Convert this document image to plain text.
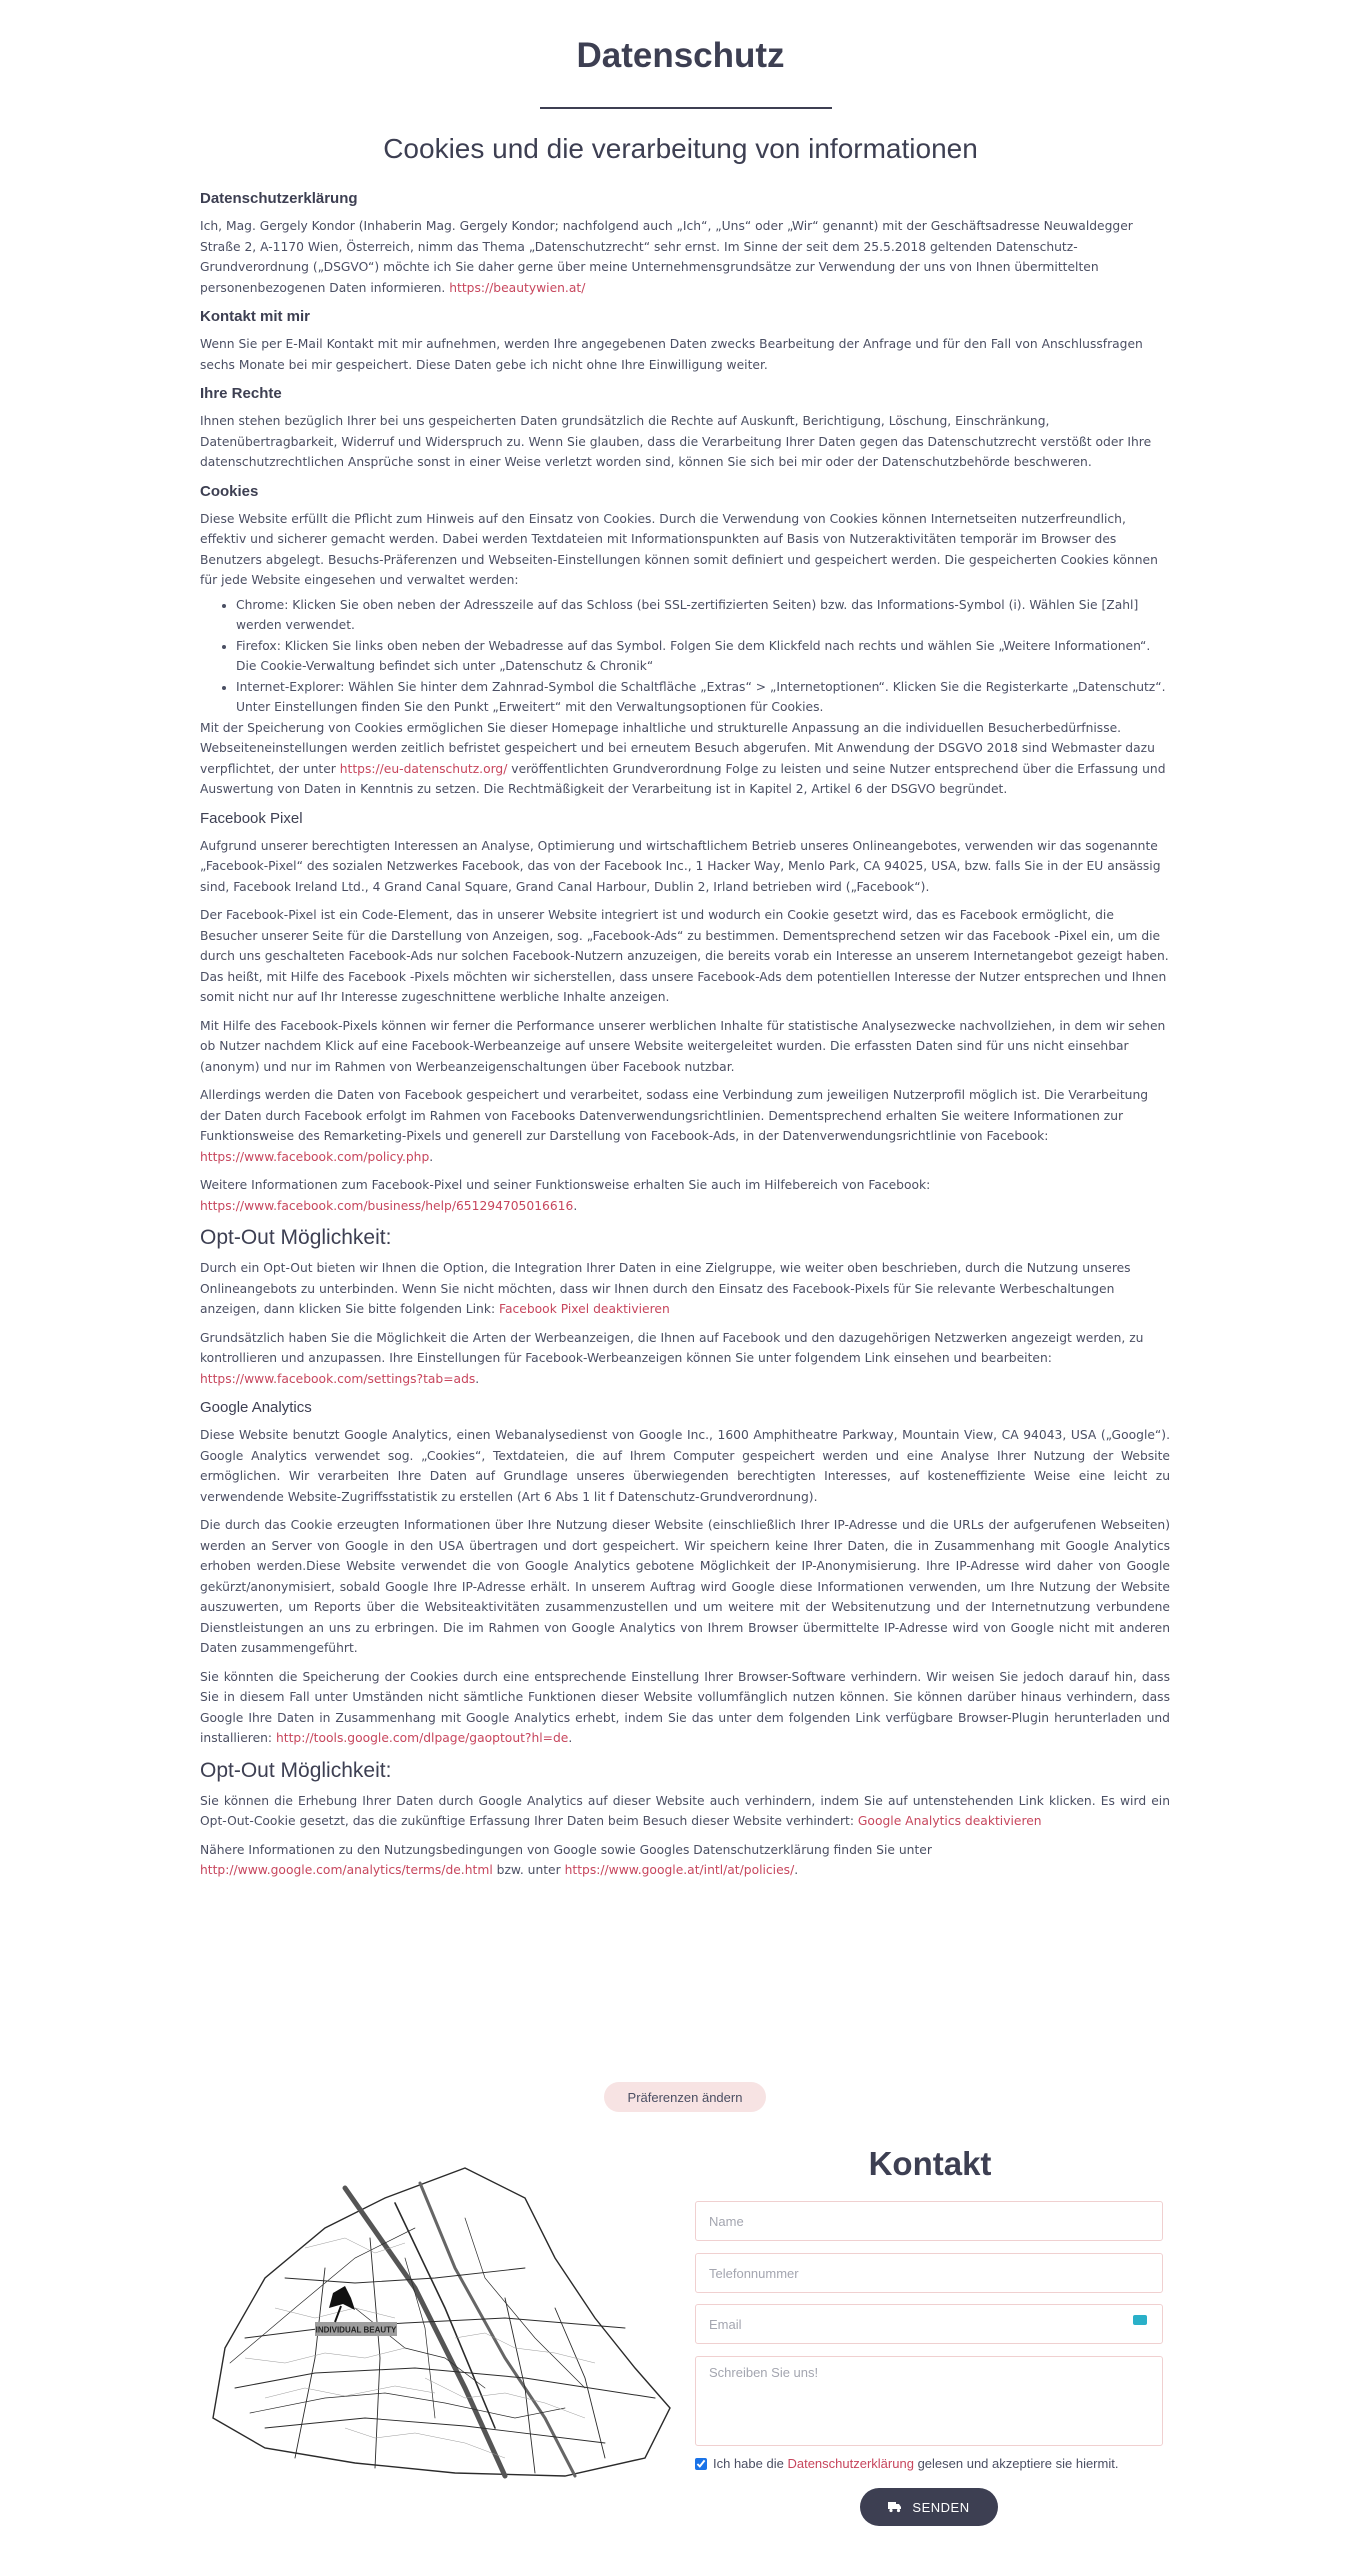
Datenschutz
Cookies und die verarbeitung von informationen
Datenschutzerklärung

Ich, Mag. Gergely Kondor (Inhaberin Mag. Gergely Kondor; nachfolgend auch „Ich“, „Uns“ oder „Wir“ genannt) mit der Geschäftsadresse Neuwaldegger Straße 2, A-1170 Wien, Österreich, nimm das Thema „Datenschutzrecht“ sehr ernst. Im Sinne der seit dem 25.5.2018 geltenden Datenschutz-Grundverordnung („DSGVO“) möchte ich Sie daher gerne über meine Unternehmensgrundsätze zur Verwendung der uns von Ihnen übermittelten personenbezogenen Daten informieren. https://beautywien.at/

Kontakt mit mir

Wenn Sie per E-Mail Kontakt mit mir aufnehmen, werden Ihre angegebenen Daten zwecks Bearbeitung der Anfrage und für den Fall von Anschlussfragen sechs Monate bei mir gespeichert. Diese Daten gebe ich nicht ohne Ihre Einwilligung weiter.

Ihre Rechte

Ihnen stehen bezüglich Ihrer bei uns gespeicherten Daten grundsätzlich die Rechte auf Auskunft, Berichtigung, Löschung, Einschränkung, Datenübertragbarkeit, Widerruf und Widerspruch zu. Wenn Sie glauben, dass die Verarbeitung Ihrer Daten gegen das Datenschutzrecht verstößt oder Ihre datenschutzrechtlichen Ansprüche sonst in einer Weise verletzt worden sind, können Sie sich bei mir oder der Datenschutzbehörde beschweren.

Cookies

Diese Website erfüllt die Pflicht zum Hinweis auf den Einsatz von Cookies. Durch die Verwendung von Cookies können Internetseiten nutzerfreundlich, effektiv und sicherer gemacht werden. Dabei werden Textdateien mit Informationspunkten auf Basis von Nutzeraktivitäten temporär im Browser des Benutzers abgelegt. Besuchs-Präferenzen und Webseiten-Einstellungen können somit definiert und gespeichert werden. Die gespeicherten Cookies können für jede Website eingesehen und verwaltet werden:

• Chrome: Klicken Sie oben neben der Adresszeile auf das Schloss (bei SSL-zertifizierten Seiten) bzw. das Informations-Symbol (i). Wählen Sie [Zahl] werden verwendet.
• Firefox: Klicken Sie links oben neben der Webadresse auf das Symbol. Folgen Sie dem Klickfeld nach rechts und wählen Sie „Weitere Informationen“. Die Cookie-Verwaltung befindet sich unter „Datenschutz & Chronik“
• Internet-Explorer: Wählen Sie hinter dem Zahnrad-Symbol die Schaltfläche „Extras“ > „Internetoptionen“. Klicken Sie die Registerkarte „Datenschutz“. Unter Einstellungen finden Sie den Punkt „Erweitert“ mit den Verwaltungsoptionen für Cookies.

Mit der Speicherung von Cookies ermöglichen Sie dieser Homepage inhaltliche und strukturelle Anpassung an die individuellen Besucherbedürfnisse. Webseiteneinstellungen werden zeitlich befristet gespeichert und bei erneutem Besuch abgerufen. Mit Anwendung der DSGVO 2018 sind Webmaster dazu verpflichtet, der unter https://eu-datenschutz.org/ veröffentlichten Grundverordnung Folge zu leisten und seine Nutzer entsprechend über die Erfassung und Auswertung von Daten in Kenntnis zu setzen. Die Rechtmäßigkeit der Verarbeitung ist in Kapitel 2, Artikel 6 der DSGVO begründet.

Facebook Pixel

Aufgrund unserer berechtigten Interessen an Analyse, Optimierung und wirtschaftlichem Betrieb unseres Onlineangebotes, verwenden wir das sogenannte „Facebook-Pixel“ des sozialen Netzwerkes Facebook, das von der Facebook Inc., 1 Hacker Way, Menlo Park, CA 94025, USA, bzw. falls Sie in der EU ansässig sind, Facebook Ireland Ltd., 4 Grand Canal Square, Grand Canal Harbour, Dublin 2, Irland betrieben wird („Facebook“).

Der Facebook-Pixel ist ein Code-Element, das in unserer Website integriert ist und wodurch ein Cookie gesetzt wird, das es Facebook ermöglicht, die Besucher unserer Seite für die Darstellung von Anzeigen, sog. „Facebook-Ads“ zu bestimmen. Dementsprechend setzen wir das Facebook -Pixel ein, um die durch uns geschalteten Facebook-Ads nur solchen Facebook-Nutzern anzuzeigen, die bereits vorab ein Interesse an unserem Internetangebot gezeigt haben. Das heißt, mit Hilfe des Facebook -Pixels möchten wir sicherstellen, dass unsere Facebook-Ads dem potentiellen Interesse der Nutzer entsprechen und Ihnen somit nicht nur auf Ihr Interesse zugeschnittene werbliche Inhalte anzeigen.

Mit Hilfe des Facebook-Pixels können wir ferner die Performance unserer werblichen Inhalte für statistische Analysezwecke nachvollziehen, in dem wir sehen ob Nutzer nachdem Klick auf eine Facebook-Werbeanzeige auf unsere Website weitergeleitet wurden. Die erfassten Daten sind für uns nicht einsehbar (anonym) und nur im Rahmen von Werbeanzeigenschaltungen über Facebook nutzbar.

Allerdings werden die Daten von Facebook gespeichert und verarbeitet, sodass eine Verbindung zum jeweiligen Nutzerprofil möglich ist. Die Verarbeitung der Daten durch Facebook erfolgt im Rahmen von Facebooks Datenverwendungsrichtlinien. Dementsprechend erhalten Sie weitere Informationen zur Funktionsweise des Remarketing-Pixels und generell zur Darstellung von Facebook-Ads, in der Datenverwendungsrichtlinie von Facebook: https://www.facebook.com/policy.php.

Weitere Informationen zum Facebook-Pixel und seiner Funktionsweise erhalten Sie auch im Hilfebereich von Facebook: https://www.facebook.com/business/help/651294705016616.

Opt-Out Möglichkeit:

Durch ein Opt-Out bieten wir Ihnen die Option, die Integration Ihrer Daten in eine Zielgruppe, wie weiter oben beschrieben, durch die Nutzung unseres Onlineangebots zu unterbinden. Wenn Sie nicht möchten, dass wir Ihnen durch den Einsatz des Facebook-Pixels für Sie relevante Werbeschaltungen anzeigen, dann klicken Sie bitte folgenden Link: Facebook Pixel deaktivieren

Grundsätzlich haben Sie die Möglichkeit die Arten der Werbeanzeigen, die Ihnen auf Facebook und den dazugehörigen Netzwerken angezeigt werden, zu kontrollieren und anzupassen. Ihre Einstellungen für Facebook-Werbeanzeigen können Sie unter folgendem Link einsehen und bearbeiten: https://www.facebook.com/settings?tab=ads.

Google Analytics

Diese Website benutzt Google Analytics, einen Webanalysedienst von Google Inc., 1600 Amphitheatre Parkway, Mountain View, CA 94043, USA („Google“). Google Analytics verwendet sog. „Cookies“, Textdateien, die auf Ihrem Computer gespeichert werden und eine Analyse Ihrer Nutzung der Website ermöglichen. Wir verarbeiten Ihre Daten auf Grundlage unseres überwiegenden berechtigten Interesses, auf kosteneffiziente Weise eine leicht zu verwendende Website-Zugriffsstatistik zu erstellen (Art 6 Abs 1 lit f Datenschutz-Grundverordnung).

Die durch das Cookie erzeugten Informationen über Ihre Nutzung dieser Website (einschließlich Ihrer IP-Adresse und die URLs der aufgerufenen Webseiten) werden an Server von Google in den USA übertragen und dort gespeichert. Wir speichern keine Ihrer Daten, die in Zusammenhang mit Google Analytics erhoben werden.Diese Website verwendet die von Google Analytics gebotene Möglichkeit der IP-Anonymisierung. Ihre IP-Adresse wird daher von Google gekürzt/anonymisiert, sobald Google Ihre IP-Adresse erhält. In unserem Auftrag wird Google diese Informationen verwenden, um Ihre Nutzung der Website auszuwerten, um Reports über die Websiteaktivitäten zusammenzustellen und um weitere mit der Websitenutzung und der Internetnutzung verbundene Dienstleistungen an uns zu erbringen. Die im Rahmen von Google Analytics von Ihrem Browser übermittelte IP-Adresse wird von Google nicht mit anderen Daten zusammengeführt.

Sie könnten die Speicherung der Cookies durch eine entsprechende Einstellung Ihrer Browser-Software verhindern. Wir weisen Sie jedoch darauf hin, dass Sie in diesem Fall unter Umständen nicht sämtliche Funktionen dieser Website vollumfänglich nutzen können. Sie können darüber hinaus verhindern, dass Google Ihre Daten in Zusammenhang mit Google Analytics erhebt, indem Sie das unter dem folgenden Link verfügbare Browser-Plugin herunterladen und installieren: http://tools.google.com/dlpage/gaoptout?hl=de.

Opt-Out Möglichkeit:

Sie können die Erhebung Ihrer Daten durch Google Analytics auf dieser Website auch verhindern, indem Sie auf untenstehenden Link klicken. Es wird ein Opt-Out-Cookie gesetzt, das die zukünftige Erfassung Ihrer Daten beim Besuch dieser Website verhindert: Google Analytics deaktivieren

Nähere Informationen zu den Nutzungsbedingungen von Google sowie Googles Datenschutzerklärung finden Sie unter http://www.google.com/analytics/terms/de.html bzw. unter https://www.google.at/intl/at/policies/.

Präferenzen ändern
INDIVIDUAL BEAUTY
Kontakt
Name
Telefonnummer
Email
Schreiben Sie uns!
Ich habe die
Datenschutzerklärung
gelesen und akzeptiere sie hiermit.
SENDEN
